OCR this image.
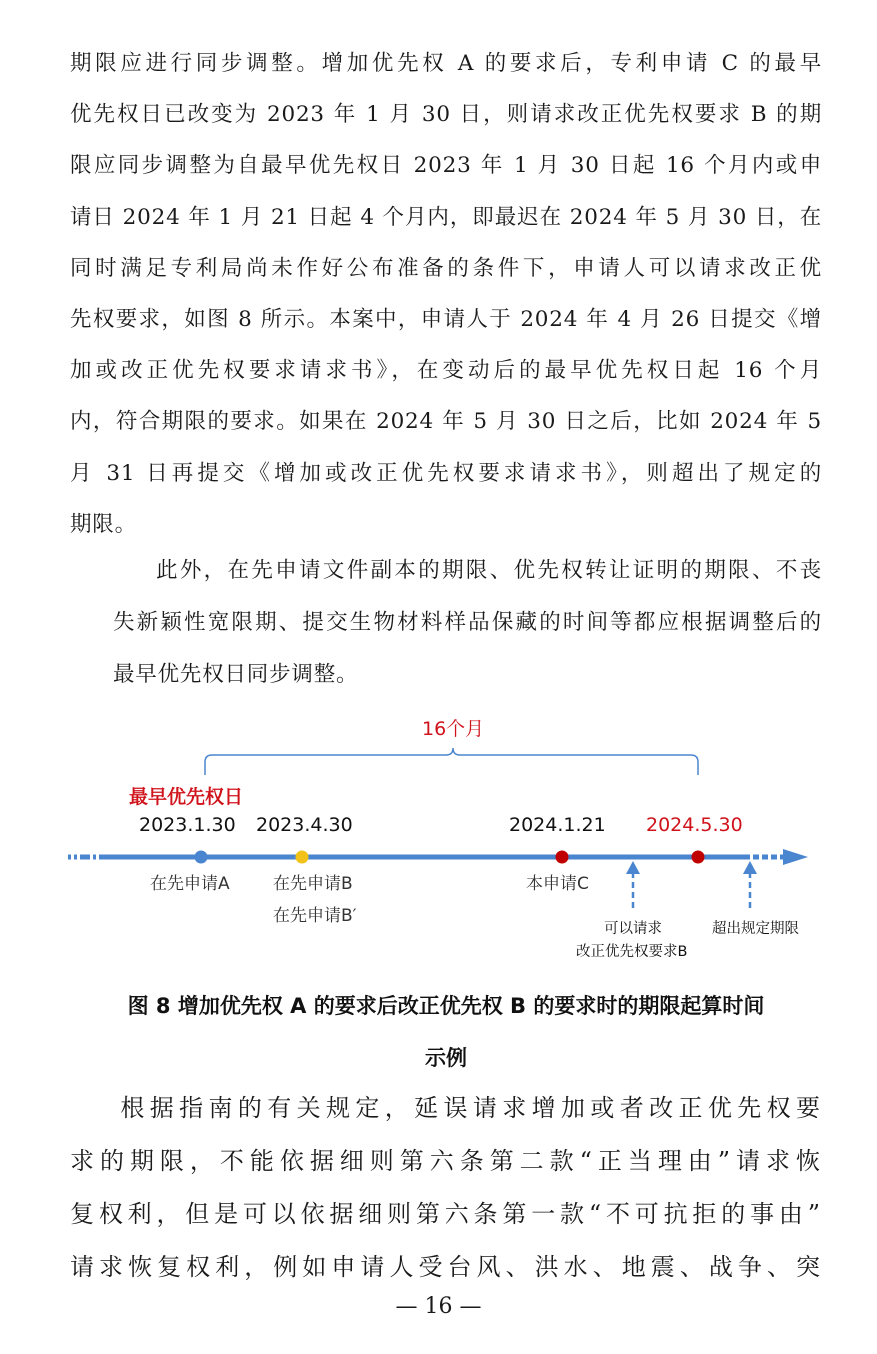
期限应进行同步调整。增加优先权 A 的要求后，专利申请 C 的最早
优先权日已改变为 2023 年 1 月 30 日，则请求改正优先权要求 B 的期
限应同步调整为自最早优先权日 2023 年 1 月 30 日起 16 个月内或申
请日 2024 年 1 月 21 日起 4 个月内，即最迟在 2024 年 5 月 30 日，在
同时满足专利局尚未作好公布准备的条件下，申请人可以请求改正优
先权要求，如图 8 所示。本案中，申请人于 2024 年 4 月 26 日提交《增
加或改正优先权要求请求书》，在变动后的最早优先权日起 16 个月
内，符合期限的要求。如果在 2024 年 5 月 30 日之后，比如 2024 年 5
月 31 日再提交《增加或改正优先权要求请求书》，则超出了规定的
期限。
此外，在先申请文件副本的期限、优先权转让证明的期限、不丧
失新颖性宽限期、提交生物材料样品保藏的时间等都应根据调整后的
最早优先权日同步调整。
16个月
最早优先权日
2023.1.30 2023.4.30	2024.1.21 2024.5.30
在先申请A	在先申请B
在先申请B′
本申请C
可以请求
改正优先权要求B
超出规定期限
图 8 增加优先权 A 的要求后改正优先权 B 的要求时的期限起算时间
示例
根据指南的有关规定，延误请求增加或者改正优先权要
求的期限，不能依据细则第六条第二款“正当理由”请求恢
复权利，但是可以依据细则第六条第一款“不可抗拒的事由”
请求恢复权利，例如申请人受台风、洪水、地震、战争、突
— 16 —
